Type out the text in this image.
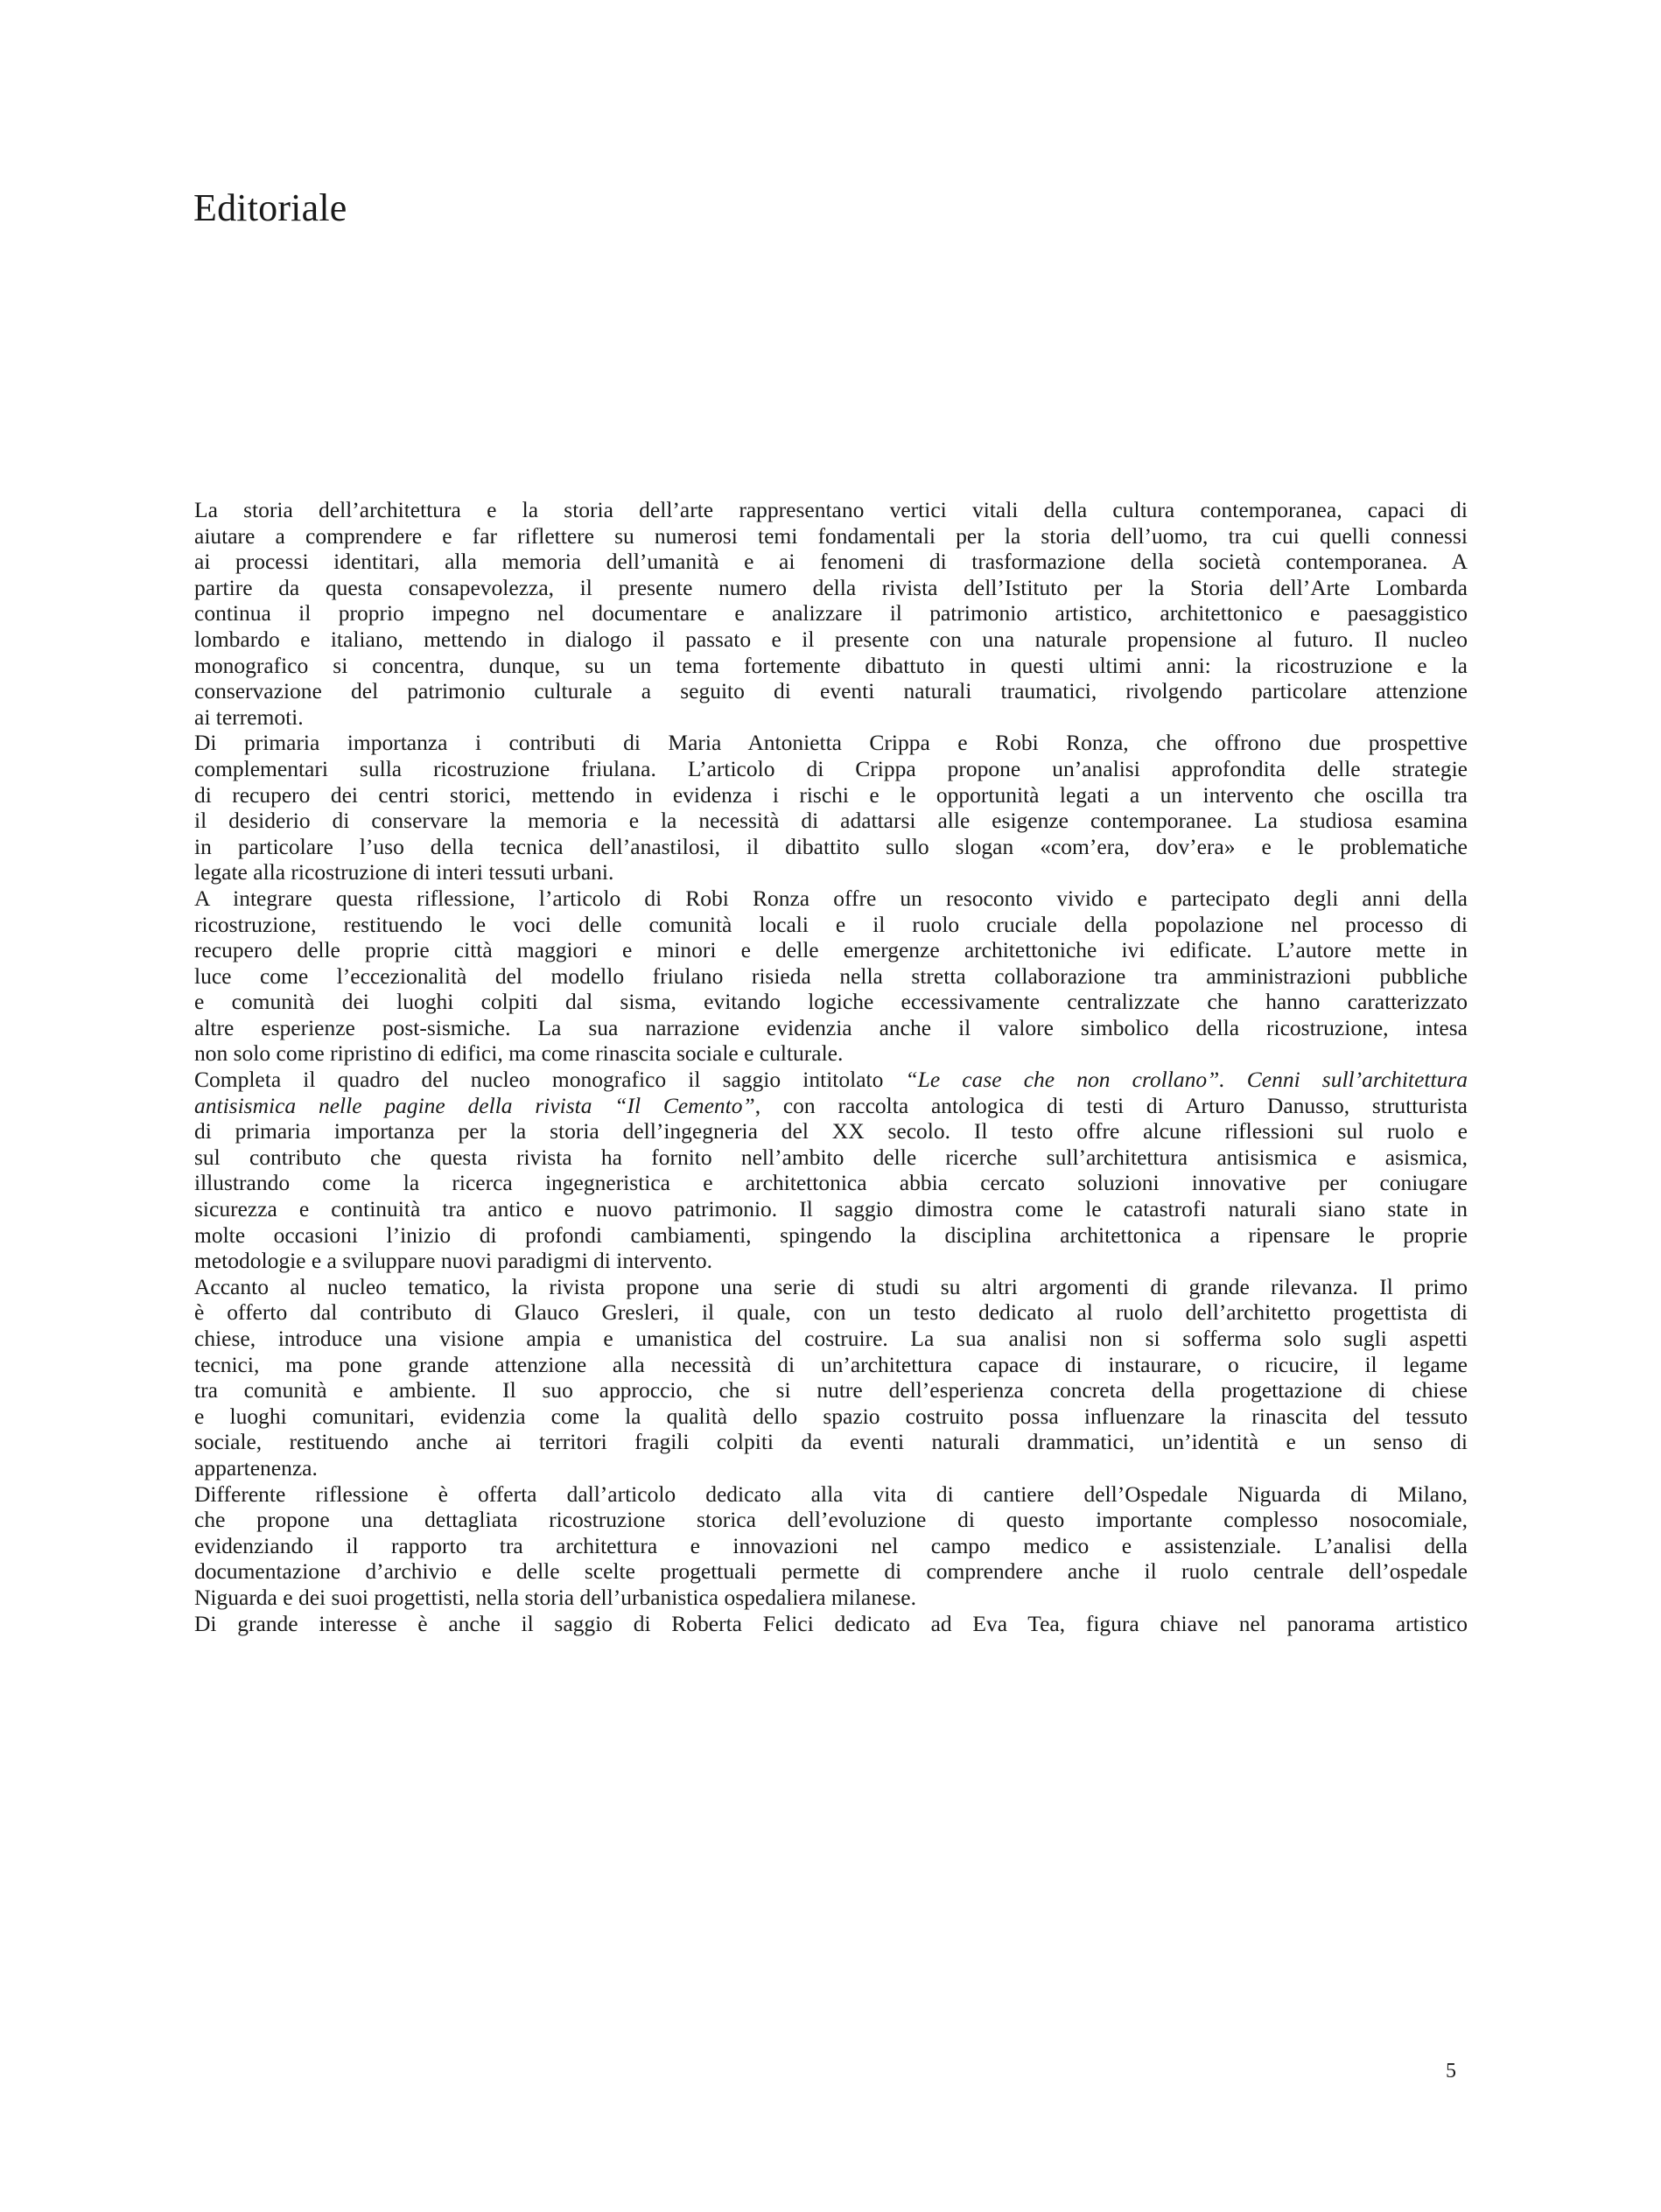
Editoriale

La storia dell’architettura e la storia dell’arte rappresentano vertici vitali della cultura contemporanea, capaci di
aiutare a comprendere e far riflettere su numerosi temi fondamentali per la storia dell’uomo, tra cui quelli connessi
ai processi identitari, alla memoria dell’umanità e ai fenomeni di trasformazione della società contemporanea. A
partire da questa consapevolezza, il presente numero della rivista dell’Istituto per la Storia dell’Arte Lombarda
continua il proprio impegno nel documentare e analizzare il patrimonio artistico, architettonico e paesaggistico
lombardo e italiano, mettendo in dialogo il passato e il presente con una naturale propensione al futuro. Il nucleo
monografico si concentra, dunque, su un tema fortemente dibattuto in questi ultimi anni: la ricostruzione e la
conservazione del patrimonio culturale a seguito di eventi naturali traumatici, rivolgendo particolare attenzione
ai terremoti.

Di primaria importanza i contributi di Maria Antonietta Crippa e Robi Ronza, che offrono due prospettive
complementari sulla ricostruzione friulana. L’articolo di Crippa propone un’analisi approfondita delle strategie
di recupero dei centri storici, mettendo in evidenza i rischi e le opportunità legati a un intervento che oscilla tra
il desiderio di conservare la memoria e la necessità di adattarsi alle esigenze contemporanee. La studiosa esamina
in particolare l’uso della tecnica dell’anastilosi, il dibattito sullo slogan «com’era, dov’era» e le problematiche
legate alla ricostruzione di interi tessuti urbani.

A integrare questa riflessione, l’articolo di Robi Ronza offre un resoconto vivido e partecipato degli anni della
ricostruzione, restituendo le voci delle comunità locali e il ruolo cruciale della popolazione nel processo di
recupero delle proprie città maggiori e minori e delle emergenze architettoniche ivi edificate. L’autore mette in
luce come l’eccezionalità del modello friulano risieda nella stretta collaborazione tra amministrazioni pubbliche
e comunità dei luoghi colpiti dal sisma, evitando logiche eccessivamente centralizzate che hanno caratterizzato
altre esperienze post-sismiche. La sua narrazione evidenzia anche il valore simbolico della ricostruzione, intesa
non solo come ripristino di edifici, ma come rinascita sociale e culturale.

Completa il quadro del nucleo monografico il saggio intitolato “Le case che non crollano”. Cenni sull’architettura
antisismica nelle pagine della rivista “Il Cemento”, con raccolta antologica di testi di Arturo Danusso, strutturista
di primaria importanza per la storia dell’ingegneria del XX secolo. Il testo offre alcune riflessioni sul ruolo e
sul contributo che questa rivista ha fornito nell’ambito delle ricerche sull’architettura antisismica e asismica,
illustrando come la ricerca ingegneristica e architettonica abbia cercato soluzioni innovative per coniugare
sicurezza e continuità tra antico e nuovo patrimonio. Il saggio dimostra come le catastrofi naturali siano state in
molte occasioni l’inizio di profondi cambiamenti, spingendo la disciplina architettonica a ripensare le proprie
metodologie e a sviluppare nuovi paradigmi di intervento.

Accanto al nucleo tematico, la rivista propone una serie di studi su altri argomenti di grande rilevanza. Il primo
è offerto dal contributo di Glauco Gresleri, il quale, con un testo dedicato al ruolo dell’architetto progettista di
chiese, introduce una visione ampia e umanistica del costruire. La sua analisi non si sofferma solo sugli aspetti
tecnici, ma pone grande attenzione alla necessità di un’architettura capace di instaurare, o ricucire, il legame
tra comunità e ambiente. Il suo approccio, che si nutre dell’esperienza concreta della progettazione di chiese
e luoghi comunitari, evidenzia come la qualità dello spazio costruito possa influenzare la rinascita del tessuto
sociale, restituendo anche ai territori fragili colpiti da eventi naturali drammatici, un’identità e un senso di
appartenenza.

Differente riflessione è offerta dall’articolo dedicato alla vita di cantiere dell’Ospedale Niguarda di Milano,
che propone una dettagliata ricostruzione storica dell’evoluzione di questo importante complesso nosocomiale,
evidenziando il rapporto tra architettura e innovazioni nel campo medico e assistenziale. L’analisi della
documentazione d’archivio e delle scelte progettuali permette di comprendere anche il ruolo centrale dell’ospedale
Niguarda e dei suoi progettisti, nella storia dell’urbanistica ospedaliera milanese.

Di grande interesse è anche il saggio di Roberta Felici dedicato ad Eva Tea, figura chiave nel panorama artistico

5
